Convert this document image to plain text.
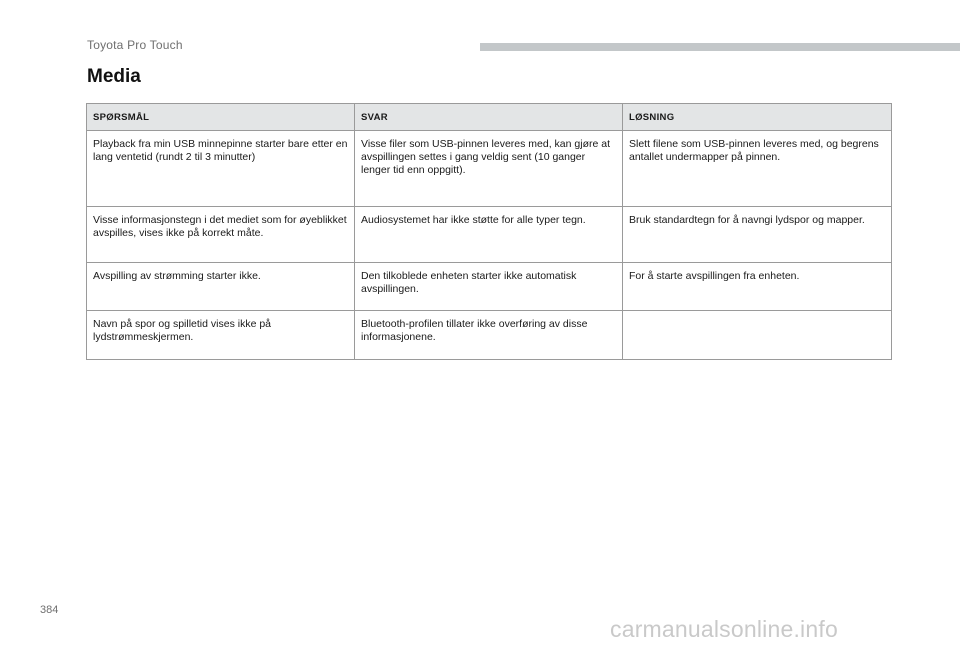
Toyota Pro Touch
Media
SPØRSMÅL	SVAR	LØSNING
Playback fra min USB minnepinne starter bare etter en lang ventetid (rundt 2 til 3 minutter)	Visse filer som USB-pinnen leveres med, kan gjøre at avspillingen settes i gang veldig sent (10 ganger lenger tid enn oppgitt).	Slett filene som USB-pinnen leveres med, og begrens antallet undermapper på pinnen.
Visse informasjonstegn i det mediet som for øyeblikket avspilles, vises ikke på korrekt måte.	Audiosystemet har ikke støtte for alle typer tegn.	Bruk standardtegn for å navngi lydspor og mapper.
Avspilling av strømming starter ikke.	Den tilkoblede enheten starter ikke automatisk avspillingen.	For å starte avspillingen fra enheten.
Navn på spor og spilletid vises ikke på lydstrømmeskjermen.	Bluetooth-profilen tillater ikke overføring av disse informasjonene.	
384
carmanualsonline.info
